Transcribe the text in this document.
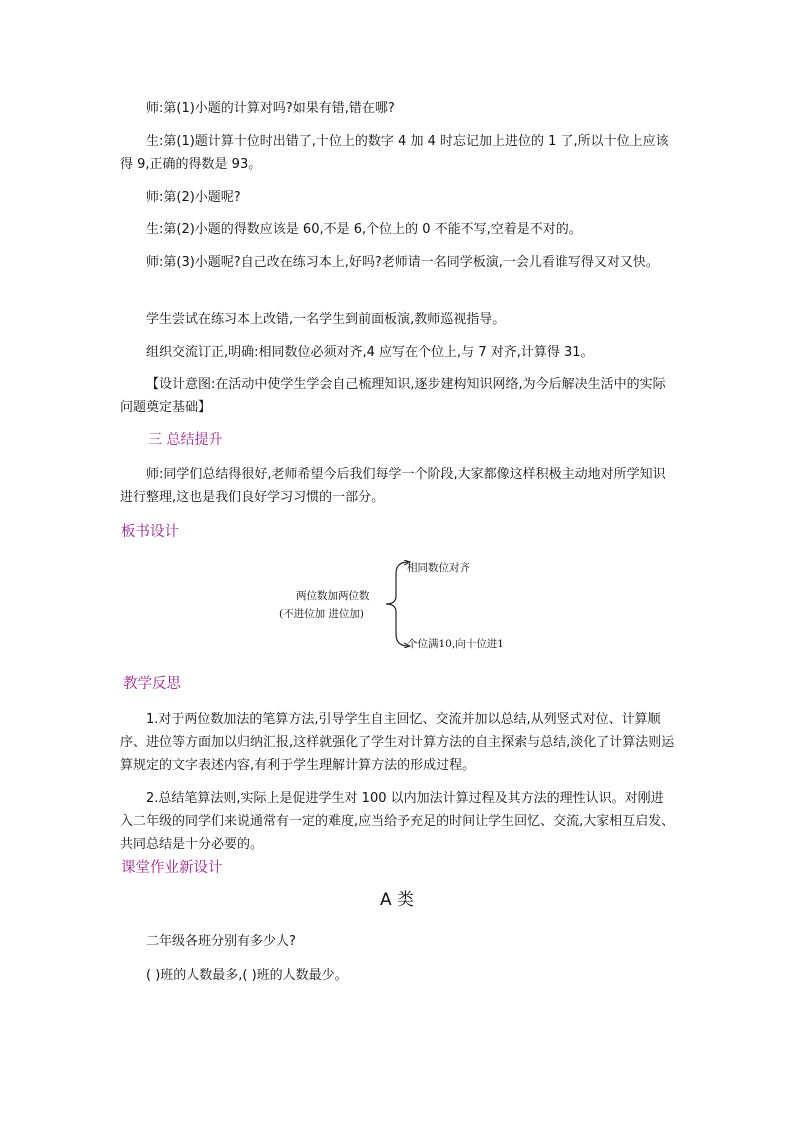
师:第(1)小题的计算对吗?如果有错,错在哪?

生:第(1)题计算十位时出错了,十位上的数字 4 加 4 时忘记加上进位的 1 了,所以十位上应该得 9,正确的得数是 93。

师:第(2)小题呢?

生:第(2)小题的得数应该是 60,不是 6,个位上的 0 不能不写,空着是不对的。

师:第(3)小题呢?自己改在练习本上,好吗?老师请一名同学板演,一会儿看谁写得又对又快。

学生尝试在练习本上改错,一名学生到前面板演,教师巡视指导。

组织交流订正,明确:相同数位必须对齐,4 应写在个位上,与 7 对齐,计算得 31。

【设计意图:在活动中使学生学会自己梳理知识,逐步建构知识网络,为今后解决生活中的实际问题奠定基础】

三 总结提升

师:同学们总结得很好,老师希望今后我们每学一个阶段,大家都像这样积极主动地对所学知识进行整理,这也是我们良好学习习惯的一部分。

板书设计

两位数加两位数
(不进位加 进位加)
相同数位对齐
个位满10,向十位进1

教学反思

1.对于两位数加法的笔算方法,引导学生自主回忆、交流并加以总结,从列竖式对位、计算顺序、进位等方面加以归纳汇报,这样就强化了学生对计算方法的自主探索与总结,淡化了计算法则运算规定的文字表述内容,有利于学生理解计算方法的形成过程。

2.总结笔算法则,实际上是促进学生对 100 以内加法计算过程及其方法的理性认识。对刚进入二年级的同学们来说通常有一定的难度,应当给予充足的时间让学生回忆、交流,大家相互启发、共同总结是十分必要的。

课堂作业新设计

A 类

二年级各班分别有多少人?

( )班的人数最多,( )班的人数最少。
